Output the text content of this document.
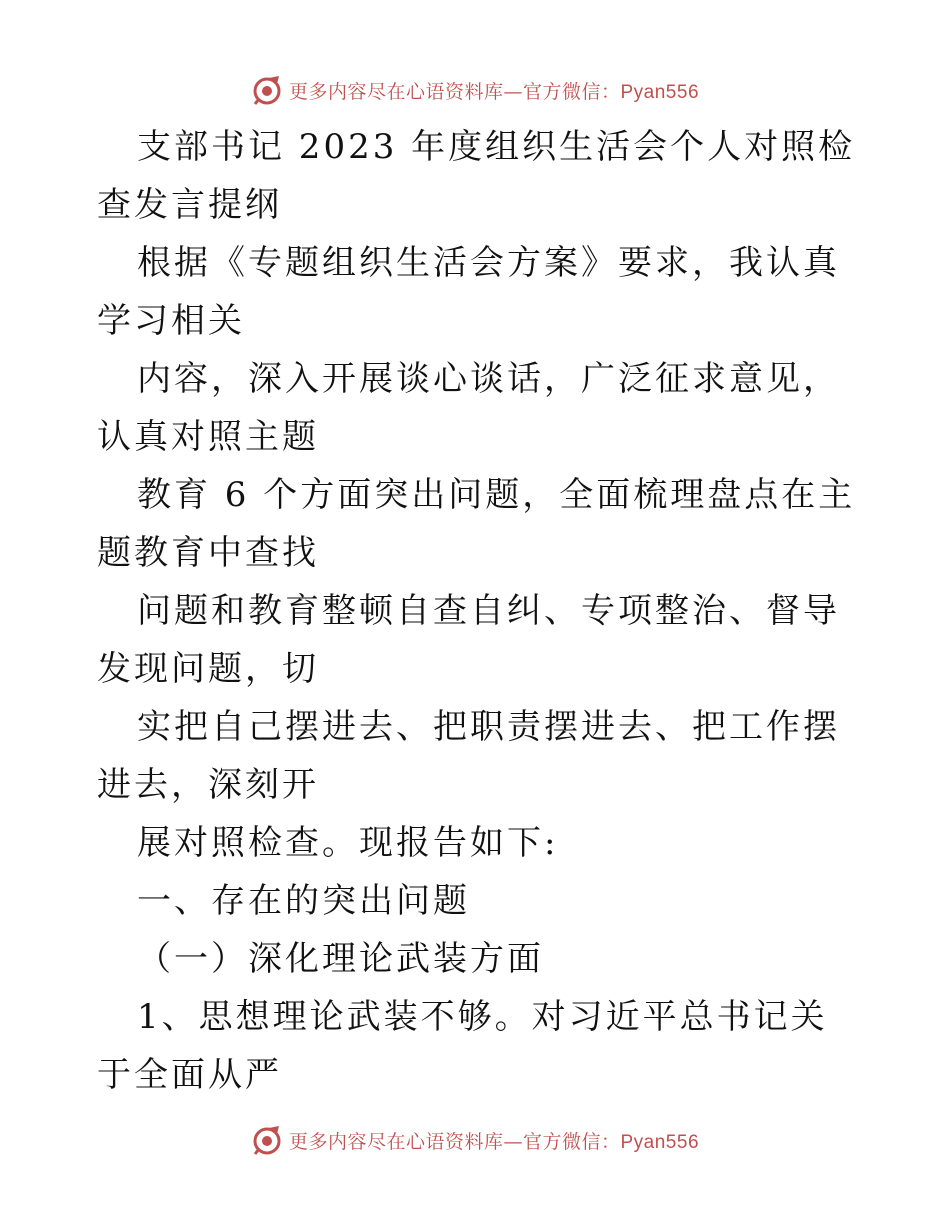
更多内容尽在心语资料库—官方微信：Pyan556

支部书记 2023 年度组织生活会个人对照检查发言提纲

根据《专题组织生活会方案》要求，我认真学习相关

内容，深入开展谈心谈话，广泛征求意见，认真对照主题

教育 6 个方面突出问题，全面梳理盘点在主题教育中查找

问题和教育整顿自查自纠、专项整治、督导发现问题，切

实把自己摆进去、把职责摆进去、把工作摆进去，深刻开

展对照检查。现报告如下:

一、存在的突出问题

（一）深化理论武装方面

1、思想理论武装不够。对习近平总书记关于全面从严

更多内容尽在心语资料库—官方微信：Pyan556
